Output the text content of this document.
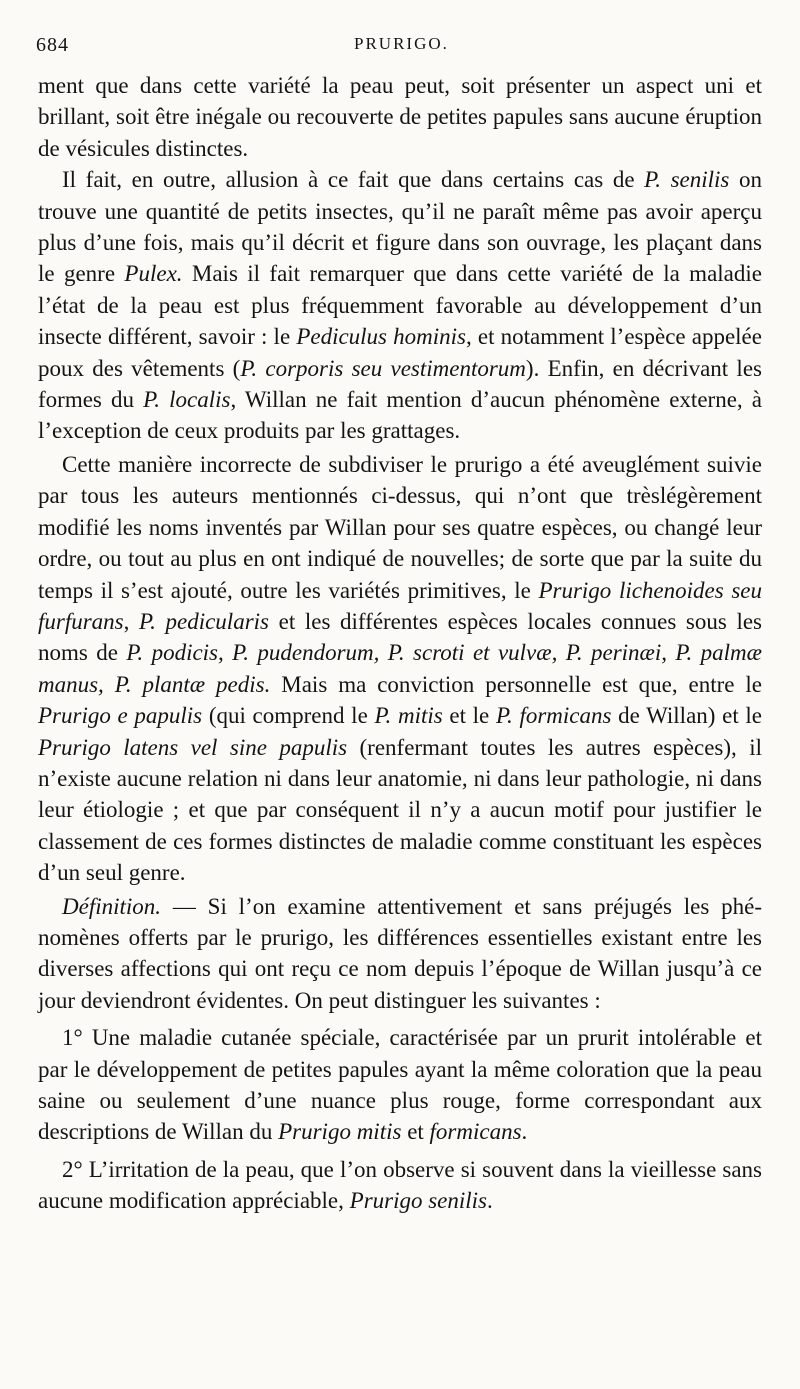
684	PRURIGO.

ment que dans cette variété la peau peut, soit présenter un aspect uni et brillant, soit être inégale ou recouverte de petites papules sans aucune éruption de vésicules distinctes.

Il fait, en outre, allusion à ce fait que dans certains cas de P. senilis on trouve une quantité de petits insectes, qu’il ne paraît même pas avoir aperçu plus d’une fois, mais qu’il décrit et figure dans son ouvrage, les plaçant dans le genre Pulex. Mais il fait remarquer que dans cette variété de la maladie l’état de la peau est plus fréquemment favorable au développement d’un insecte différent, savoir : le Pediculus hominis, et notamment l’espèce appelée poux des vêtements (P. corporis seu vestimentorum). Enfin, en décrivant les formes du P. localis, Willan ne fait mention d’aucun phénomène externe, à l’exception de ceux produits par les grattages.

Cette manière incorrecte de subdiviser le prurigo a été aveuglément suivie par tous les auteurs mentionnés ci-dessus, qui n’ont que trèslégèrement modifié les noms inventés par Willan pour ses quatre espèces, ou changé leur ordre, ou tout au plus en ont indiqué de nouvelles; de sorte que par la suite du temps il s’est ajouté, outre les variétés primitives, le Prurigo lichenoides seu furfurans, P. pedicularis et les différentes espèces locales connues sous les noms de P. podicis, P. pudendorum, P. scroti et vulvæ, P. perinæi, P. palmæ manus, P. plantæ pedis. Mais ma conviction personnelle est que, entre le Prurigo e papulis (qui comprend le P. mitis et le P. formicans de Willan) et le Prurigo latens vel sine papulis (renfermant toutes les autres espèces), il n’existe aucune relation ni dans leur anatomie, ni dans leur pathologie, ni dans leur étiologie ; et que par conséquent il n’y a aucun motif pour justifier le classement de ces formes distinctes de maladie comme constituant les espèces d’un seul genre.

Définition. — Si l’on examine attentivement et sans préjugés les phénomènes offerts par le prurigo, les différences essentielles existant entre les diverses affections qui ont reçu ce nom depuis l’époque de Willan jusqu’à ce jour deviendront évidentes. On peut distinguer les suivantes :

1° Une maladie cutanée spéciale, caractérisée par un prurit intolérable et par le développement de petites papules ayant la même coloration que la peau saine ou seulement d’une nuance plus rouge, forme correspondant aux descriptions de Willan du Prurigo mitis et formicans.

2° L’irritation de la peau, que l’on observe si souvent dans la vieillesse sans aucune modification appréciable, Prurigo senilis.
